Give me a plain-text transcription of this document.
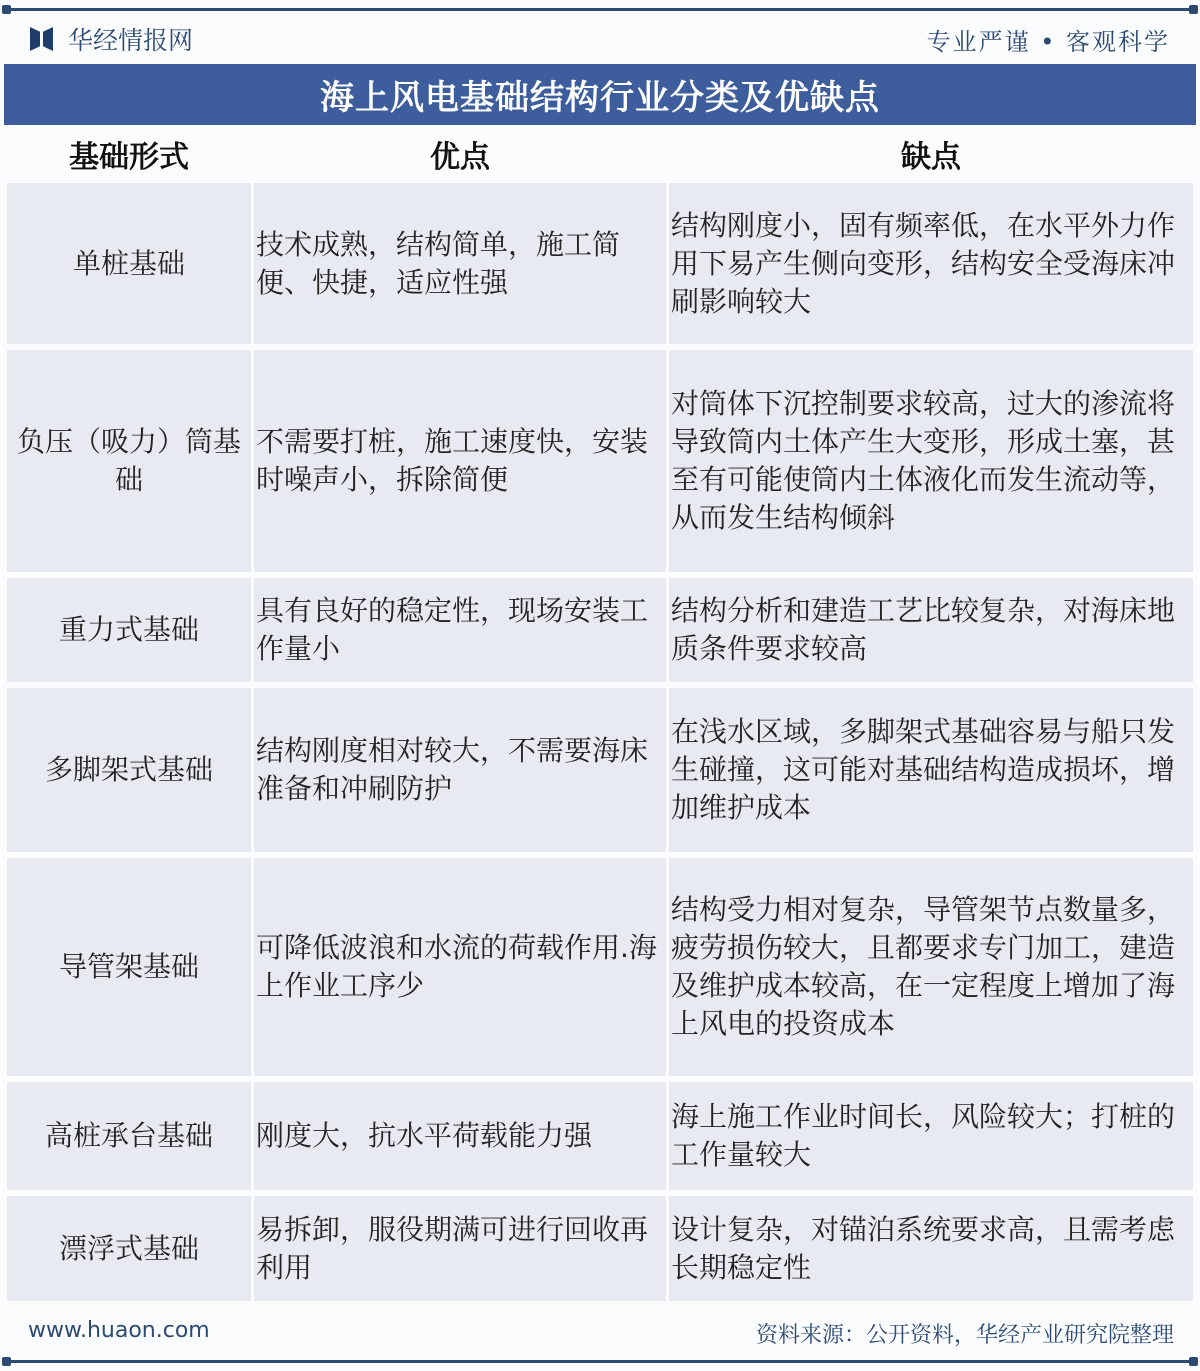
华经情报网	专业严谨 • 客观科学
海上风电基础结构行业分类及优缺点
基础形式	优点	缺点
单桩基础	技术成熟，结构简单，施工简便、快捷，适应性强	结构刚度小，固有频率低，在水平外力作用下易产生侧向变形，结构安全受海床冲刷影响较大
负压（吸力）筒基础	不需要打桩，施工速度快，安装时噪声小，拆除简便	对筒体下沉控制要求较高，过大的渗流将导致筒内土体产生大变形，形成土塞，甚至有可能使筒内土体液化而发生流动等，从而发生结构倾斜
重力式基础	具有良好的稳定性，现场安装工作量小	结构分析和建造工艺比较复杂，对海床地质条件要求较高
多脚架式基础	结构刚度相对较大，不需要海床准备和冲刷防护	在浅水区域，多脚架式基础容易与船只发生碰撞，这可能对基础结构造成损坏，增加维护成本
导管架基础	可降低波浪和水流的荷载作用.海上作业工序少	结构受力相对复杂，导管架节点数量多，疲劳损伤较大，且都要求专门加工，建造及维护成本较高，在一定程度上增加了海上风电的投资成本
高桩承台基础	刚度大，抗水平荷载能力强	海上施工作业时间长，风险较大；打桩的工作量较大
漂浮式基础	易拆卸，服役期满可进行回收再利用	设计复杂，对锚泊系统要求高，且需考虑长期稳定性
www.huaon.com	资料来源：公开资料，华经产业研究院整理
